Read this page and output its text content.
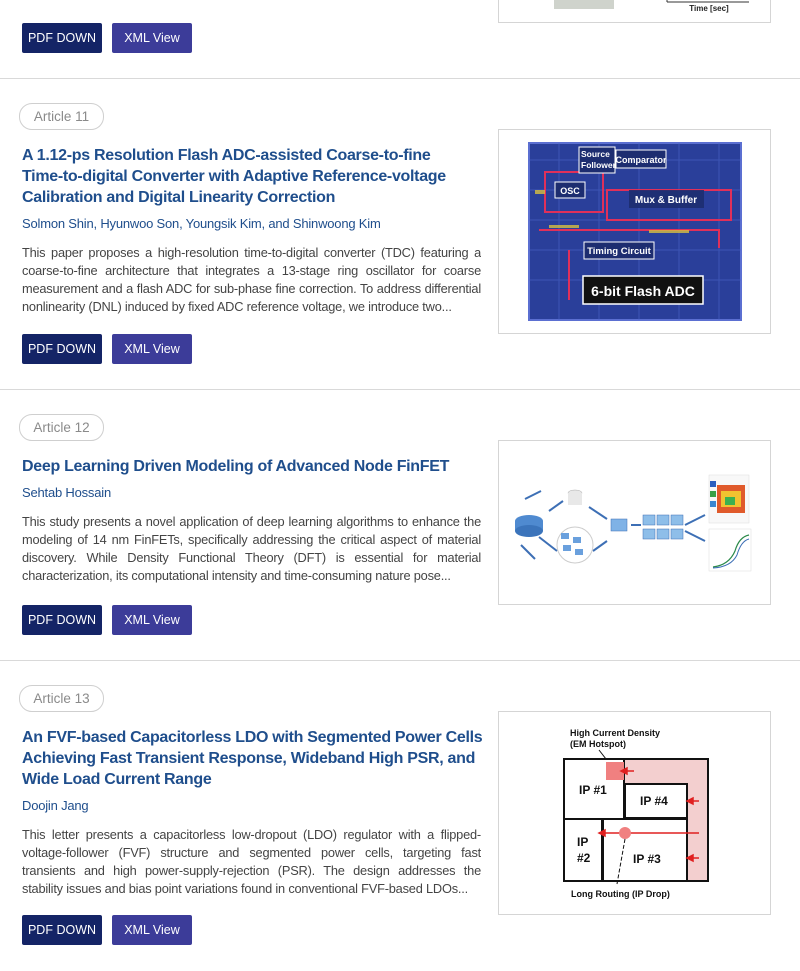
PDF DOWN	XML View
Time [sec]
Article 11
A 1.12-ps Resolution Flash ADC-assisted Coarse-to-fine
Time-to-digital Converter with Adaptive Reference-voltage
Calibration and Digital Linearity Correction
Solmon Shin, Hyunwoo Son, Youngsik Kim, and Shinwoong Kim
This paper proposes a high-resolution time-to-digital converter (TDC) featuring a coarse-to-fine architecture that integrates a 13-stage ring oscillator for coarse measurement and a flash ADC for sub-phase fine correction. To address differential nonlinearity (DNL) induced by fixed ADC reference voltage, we introduce two...
PDF DOWN	XML View
Source
Follower Comparator
OSC
Mux & Buffer
Timing Circuit
6-bit Flash ADC
Article 12
Deep Learning Driven Modeling of Advanced Node FinFET
Sehtab Hossain
This study presents a novel application of deep learning algorithms to enhance the modeling of 14 nm FinFETs, specifically addressing the critical aspect of material discovery. While Density Functional Theory (DFT) is essential for material characterization, its computational intensity and time-consuming nature pose...
PDF DOWN	XML View
Article 13
An FVF-based Capacitorless LDO with Segmented Power Cells
Achieving Fast Transient Response, Wideband High PSR, and
Wide Load Current Range
Doojin Jang
This letter presents a capacitorless low-dropout (LDO) regulator with a flipped-voltage-follower (FVF) structure and segmented power cells, targeting fast transients and high power-supply-rejection (PSR). The design addresses the stability issues and bias point variations found in conventional FVF-based LDOs...
PDF DOWN	XML View
High Current Density
(EM Hotspot)
IP #1
IP #4
IP
#2	IP #3
Long Routing (IP Drop)
